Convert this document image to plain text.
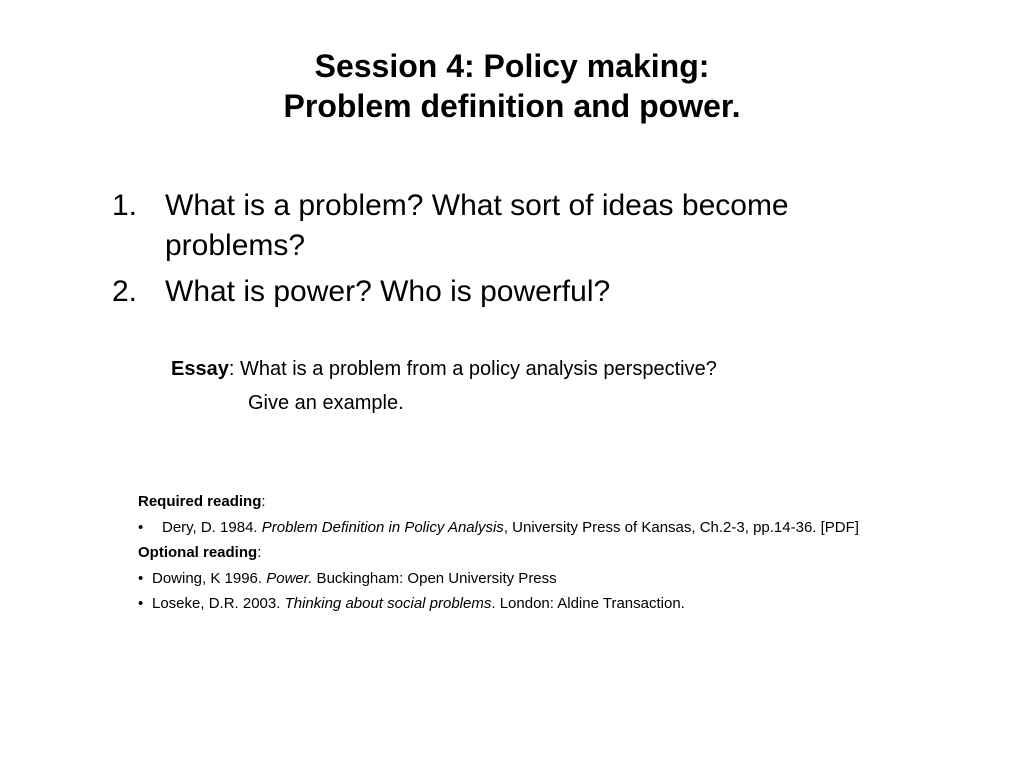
Session 4: Policy making:
Problem definition and power.
1. What is a problem? What sort of ideas become
problems?
2. What is power? Who is powerful?
Essay: What is a problem from a policy analysis perspective?
Give an example.
Required reading:
• Dery, D. 1984. Problem Definition in Policy Analysis, University Press of Kansas, Ch.2-3, pp.14-36. [PDF]
Optional reading:
• Dowing, K 1996. Power. Buckingham: Open University Press
• Loseke, D.R. 2003. Thinking about social problems. London: Aldine Transaction.
